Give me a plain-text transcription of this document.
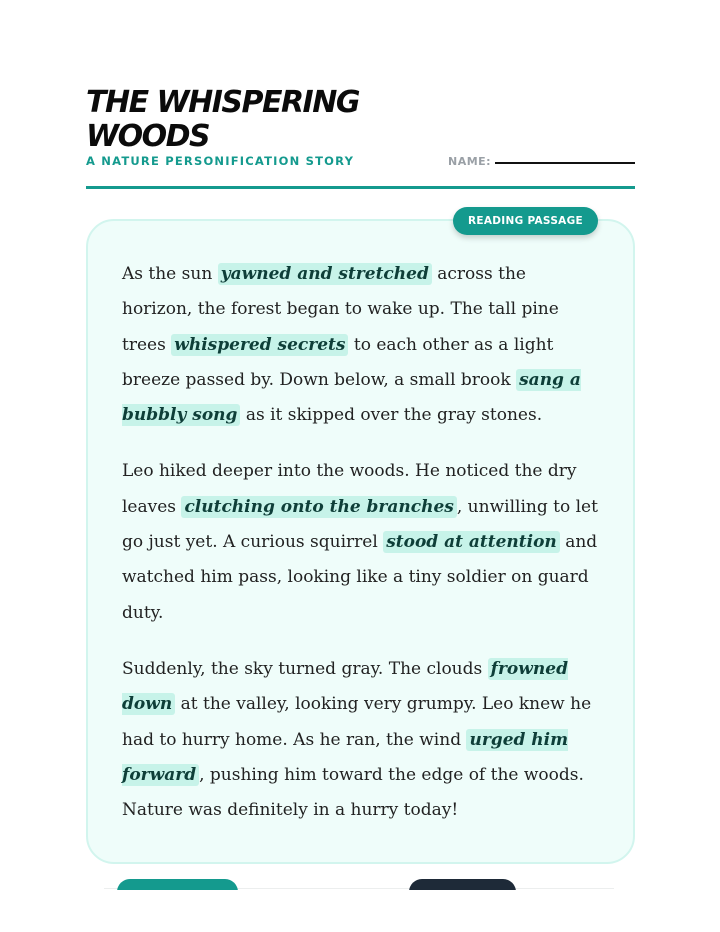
THE WHISPERING WOODS
A NATURE PERSONIFICATION STORY	NAME:

As the sun yawned and stretched across the horizon, the forest began to wake up. The tall pine trees whispered secrets to each other as a light breeze passed by. Down below, a small brook sang a bubbly song as it skipped over the gray stones.

Leo hiked deeper into the woods. He noticed the dry leaves clutching onto the branches , unwilling to let go just yet. A curious squirrel stood at attention and watched him pass, looking like a tiny soldier on guard duty.

Suddenly, the sky turned gray. The clouds frowned down at the valley, looking very grumpy. Leo knew he had to hurry home. As he ran, the wind urged him forward , pushing him toward the edge of the woods. Nature was definitely in a hurry today!

READING PASSAGE
